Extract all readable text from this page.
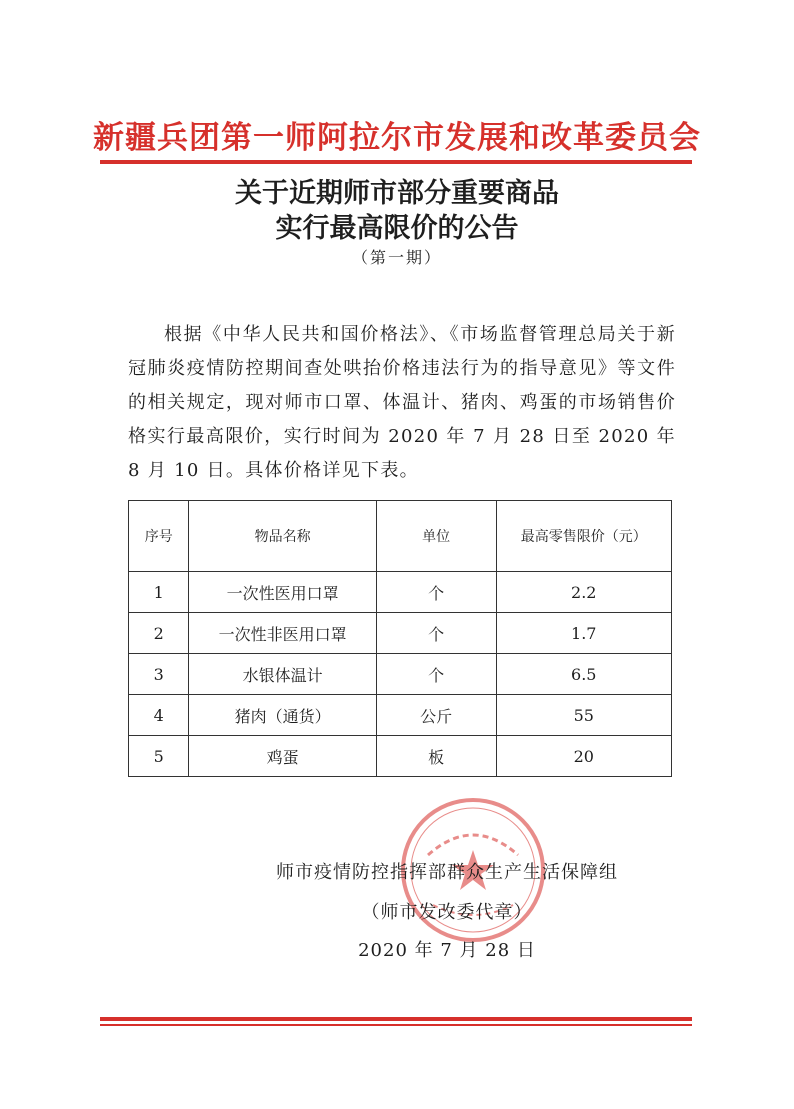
新疆兵团第一师阿拉尔市发展和改革委员会
关于近期师市部分重要商品
实行最高限价的公告
（第一期）
根据《中华人民共和国价格法》、《市场监督管理总局关于新冠肺炎疫情防控期间查处哄抬价格违法行为的指导意见》等文件的相关规定，现对师市口罩、体温计、猪肉、鸡蛋的市场销售价格实行最高限价，实行时间为 2020 年 7 月 28 日至 2020 年 8 月 10 日。具体价格详见下表。
序号	物品名称	单位	最高零售限价（元）
1	一次性医用口罩	个	2.2
2	一次性非医用口罩	个	1.7
3	水银体温计	个	6.5
4	猪肉（通货）	公斤	55
5	鸡蛋	板	20
师市疫情防控指挥部群众生产生活保障组
（师市发改委代章）
2020 年 7 月 28 日
